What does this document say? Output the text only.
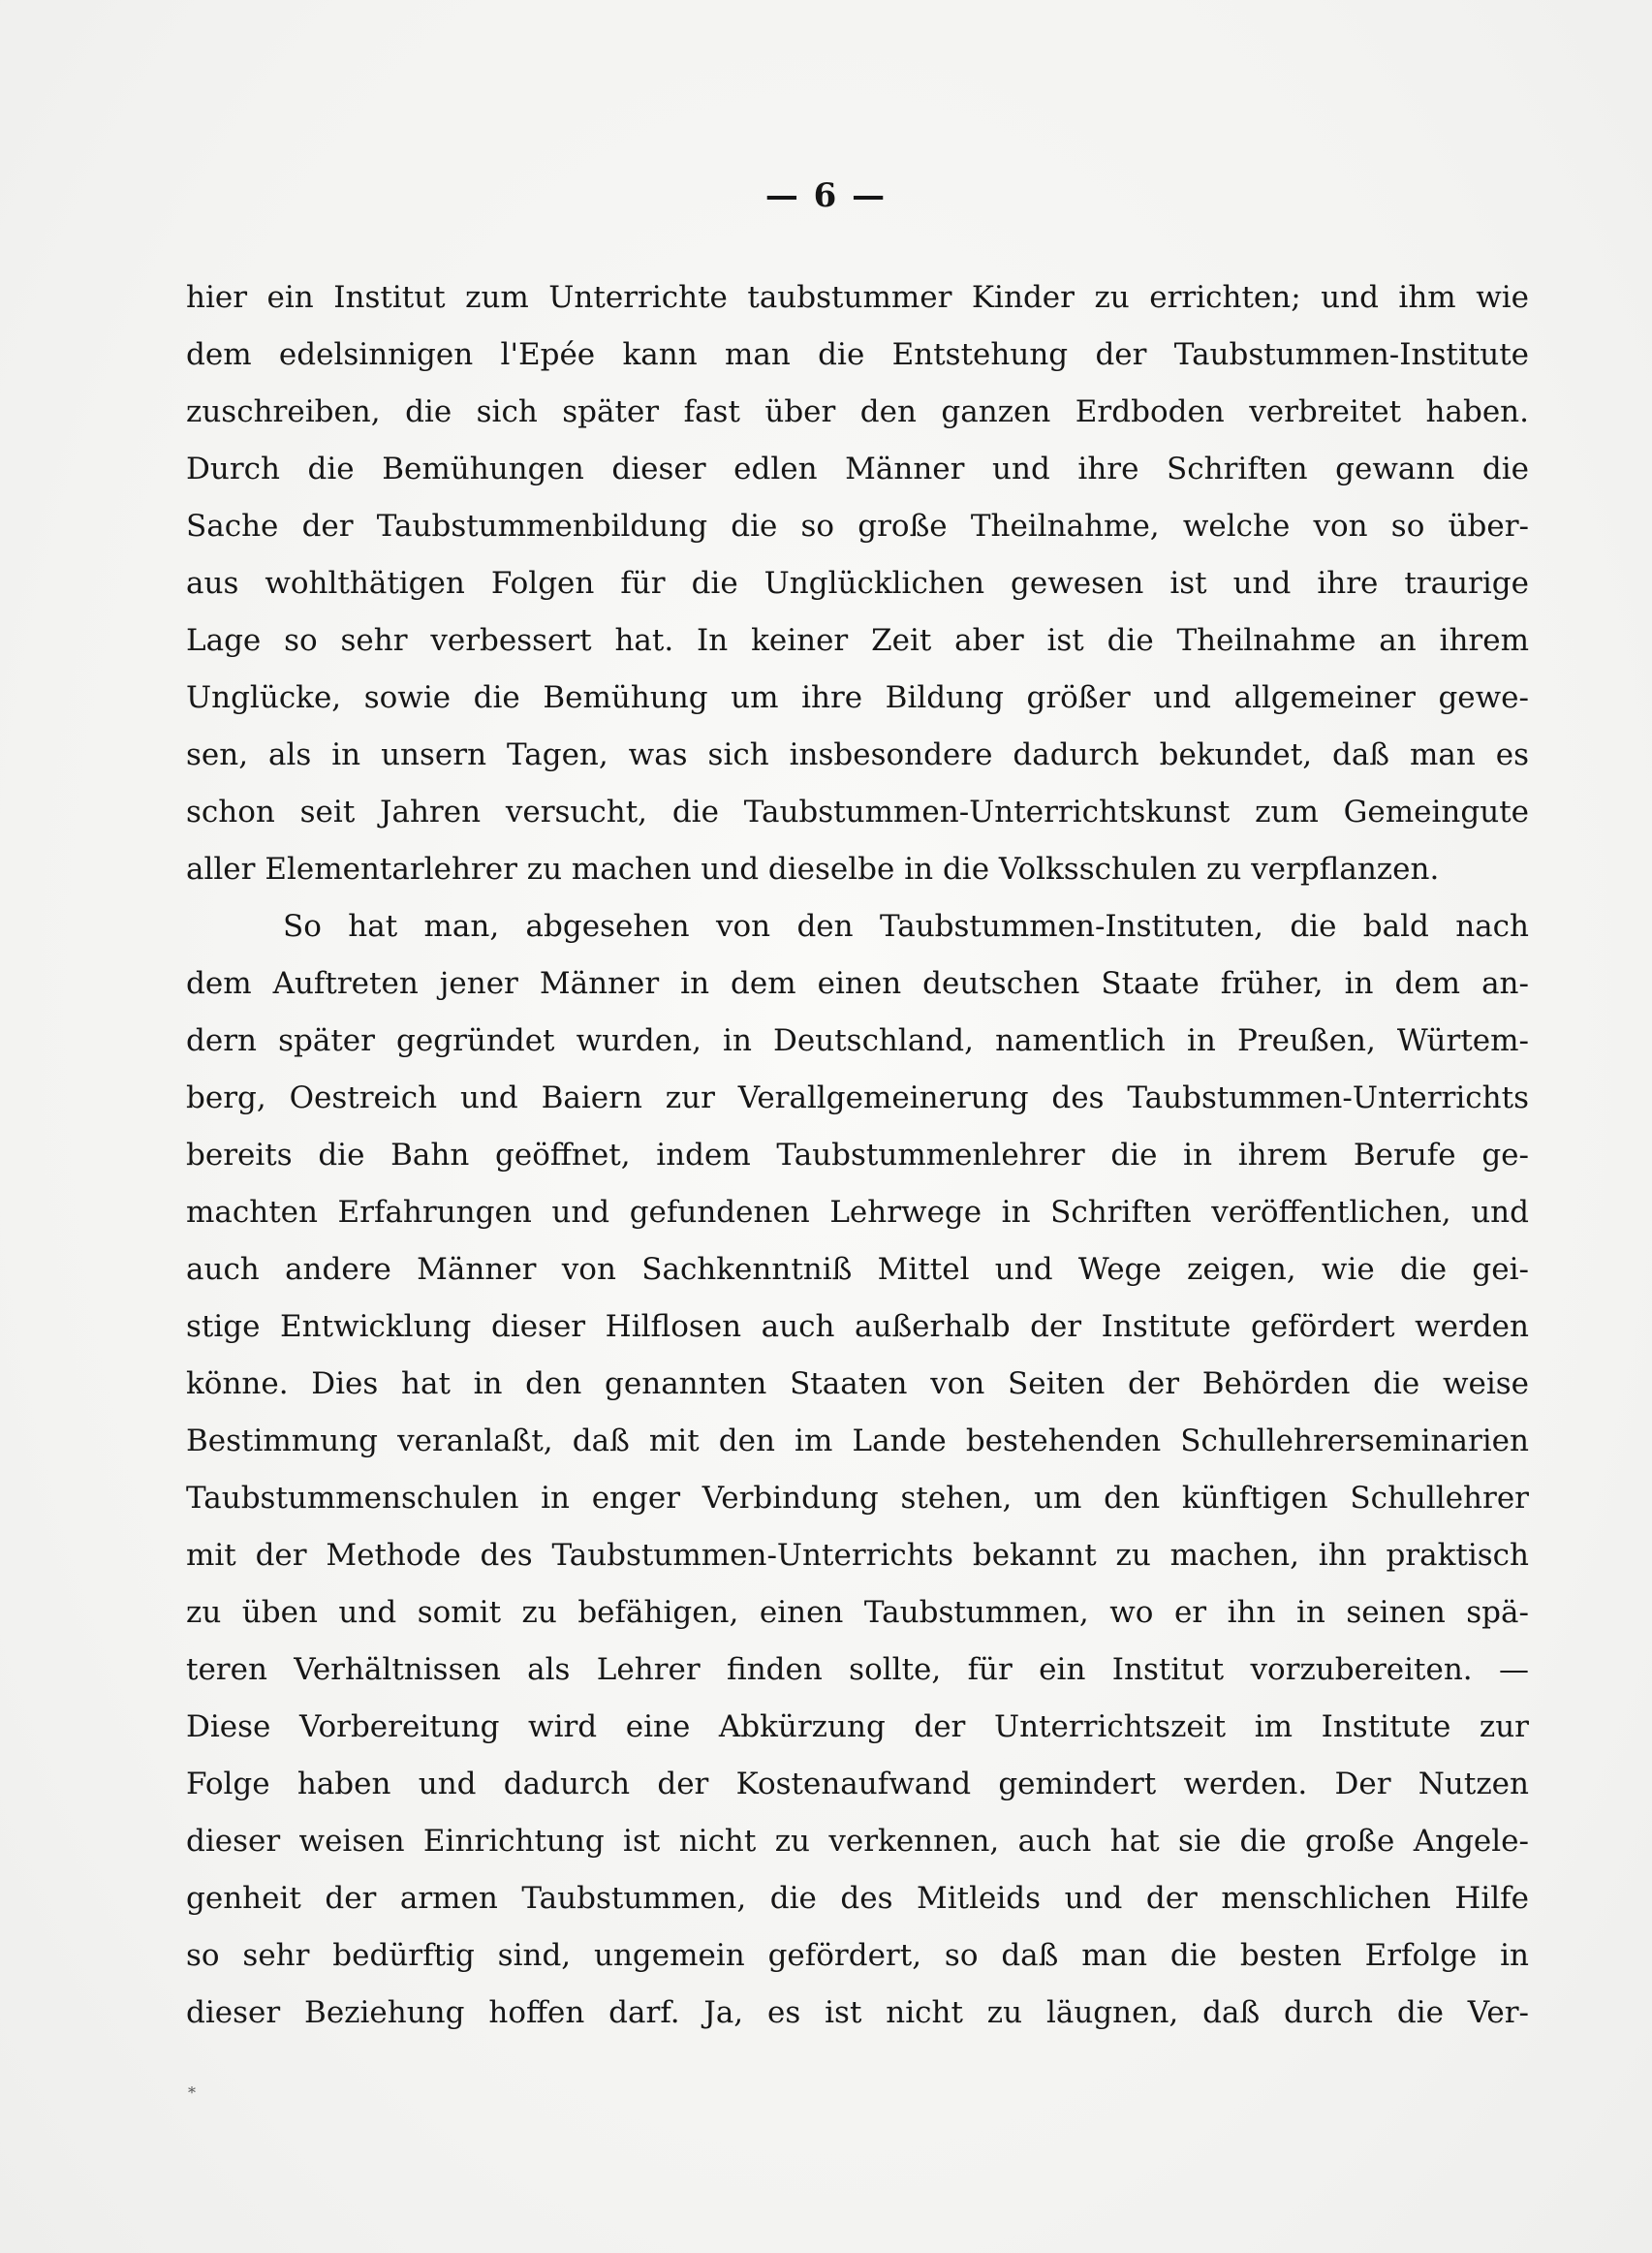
— 6 —
hier ein Institut zum Unterrichte taubstummer Kinder zu errichten; und ihm wie
dem edelsinnigen l'Epée kann man die Entstehung der Taubstummen-Institute
zuschreiben, die sich später fast über den ganzen Erdboden verbreitet haben.
Durch die Bemühungen dieser edlen Männer und ihre Schriften gewann die
Sache der Taubstummenbildung die so große Theilnahme, welche von so über-
aus wohlthätigen Folgen für die Unglücklichen gewesen ist und ihre traurige
Lage so sehr verbessert hat. In keiner Zeit aber ist die Theilnahme an ihrem
Unglücke, sowie die Bemühung um ihre Bildung größer und allgemeiner gewe-
sen, als in unsern Tagen, was sich insbesondere dadurch bekundet, daß man es
schon seit Jahren versucht, die Taubstummen-Unterrichtskunst zum Gemeingute
aller Elementarlehrer zu machen und dieselbe in die Volksschulen zu verpflanzen.
So hat man, abgesehen von den Taubstummen-Instituten, die bald nach
dem Auftreten jener Männer in dem einen deutschen Staate früher, in dem an-
dern später gegründet wurden, in Deutschland, namentlich in Preußen, Würtem-
berg, Oestreich und Baiern zur Verallgemeinerung des Taubstummen-Unterrichts
bereits die Bahn geöffnet, indem Taubstummenlehrer die in ihrem Berufe ge-
machten Erfahrungen und gefundenen Lehrwege in Schriften veröffentlichen, und
auch andere Männer von Sachkenntniß Mittel und Wege zeigen, wie die gei-
stige Entwicklung dieser Hilflosen auch außerhalb der Institute gefördert werden
könne. Dies hat in den genannten Staaten von Seiten der Behörden die weise
Bestimmung veranlaßt, daß mit den im Lande bestehenden Schullehrerseminarien
Taubstummenschulen in enger Verbindung stehen, um den künftigen Schullehrer
mit der Methode des Taubstummen-Unterrichts bekannt zu machen, ihn praktisch
zu üben und somit zu befähigen, einen Taubstummen, wo er ihn in seinen spä-
teren Verhältnissen als Lehrer finden sollte, für ein Institut vorzubereiten. —
Diese Vorbereitung wird eine Abkürzung der Unterrichtszeit im Institute zur
Folge haben und dadurch der Kostenaufwand gemindert werden. Der Nutzen
dieser weisen Einrichtung ist nicht zu verkennen, auch hat sie die große Angele-
genheit der armen Taubstummen, die des Mitleids und der menschlichen Hilfe
so sehr bedürftig sind, ungemein gefördert, so daß man die besten Erfolge in
dieser Beziehung hoffen darf. Ja, es ist nicht zu läugnen, daß durch die Ver-
*
